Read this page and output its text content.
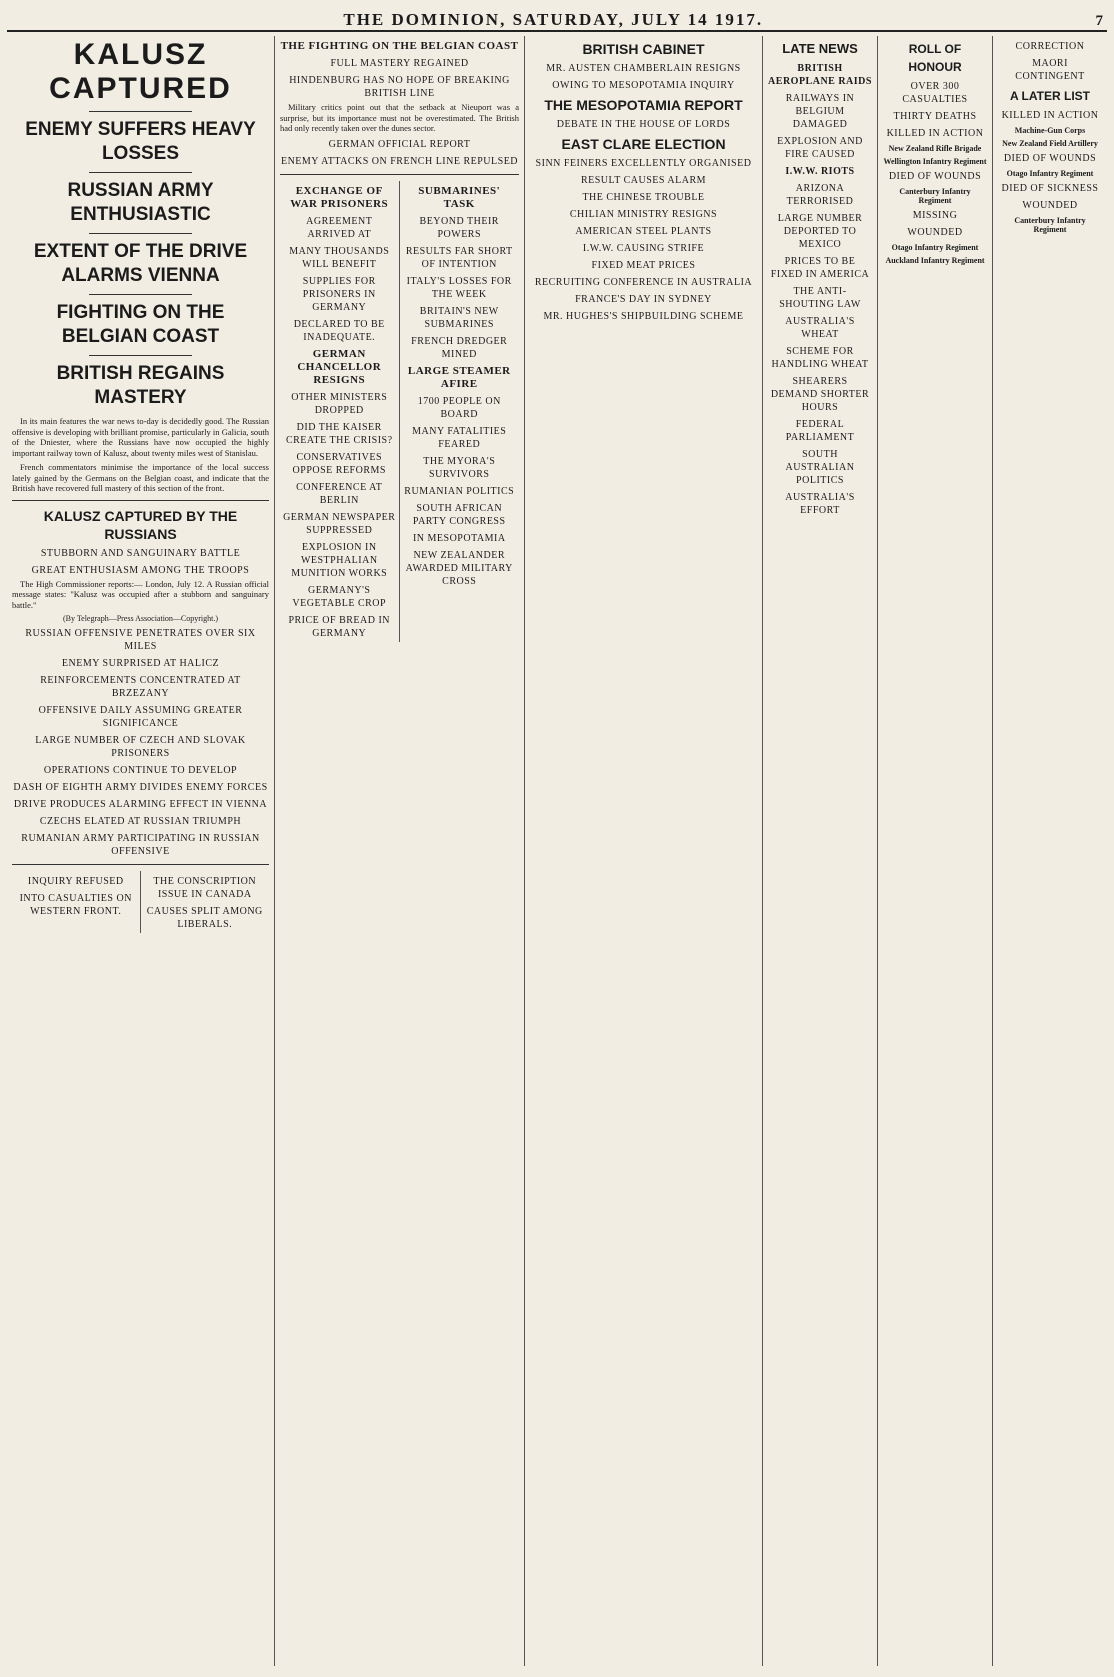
THE DOMINION, SATURDAY, JULY 14 1917.	7
KALUSZ CAPTURED
ENEMY SUFFERS HEAVY LOSSES
RUSSIAN ARMY ENTHUSIASTIC
EXTENT OF THE DRIVE ALARMS VIENNA
FIGHTING ON THE BELGIAN COAST
BRITISH REGAINS MASTERY

In its main features the war news to-day is decidedly good. The Russian offensive is developing with brilliant promise, particularly in Galicia, south of the Dniester, where the Russians have now occupied the highly important railway town of Kalusz, about twenty miles west of Stanislau.

French commentators minimise the importance of the local success lately gained by the Germans on the Belgian coast, and indicate that the British have recovered full mastery of this section of the front.

KALUSZ CAPTURED BY THE RUSSIANS
STUBBORN AND SANGUINARY BATTLE
GREAT ENTHUSIASM AMONG THE TROOPS

The High Commissioner reports:— London, July 12. A Russian official message states: "Kalusz was occupied after a stubborn and sanguinary battle."

(By Telegraph—Press Association—Copyright.)
RUSSIAN OFFENSIVE PENETRATES OVER SIX MILES
ENEMY SURPRISED AT HALICZ
REINFORCEMENTS CONCENTRATED AT BRZEZANY
OFFENSIVE DAILY ASSUMING GREATER SIGNIFICANCE
LARGE NUMBER OF CZECH AND SLOVAK PRISONERS
OPERATIONS CONTINUE TO DEVELOP
DASH OF EIGHTH ARMY DIVIDES ENEMY FORCES
DRIVE PRODUCES ALARMING EFFECT IN VIENNA
CZECHS ELATED AT RUSSIAN TRIUMPH
RUMANIAN ARMY PARTICIPATING IN RUSSIAN OFFENSIVE
INQUIRY REFUSED
INTO CASUALTIES ON WESTERN FRONT.
THE CONSCRIPTION ISSUE IN CANADA
CAUSES SPLIT AMONG LIBERALS.
THE FIGHTING ON THE BELGIAN COAST
FULL MASTERY REGAINED
HINDENBURG HAS NO HOPE OF BREAKING BRITISH LINE

Military critics point out that the setback at Nieuport was a surprise, but its importance must not be overestimated. The British had only recently taken over the dunes sector.

GERMAN OFFICIAL REPORT
ENEMY ATTACKS ON FRENCH LINE REPULSED
EXCHANGE OF WAR PRISONERS
AGREEMENT ARRIVED AT
MANY THOUSANDS WILL BENEFIT
SUPPLIES FOR PRISONERS IN GERMANY
DECLARED TO BE INADEQUATE.
GERMAN CHANCELLOR RESIGNS
OTHER MINISTERS DROPPED
DID THE KAISER CREATE THE CRISIS?
CONSERVATIVES OPPOSE REFORMS
CONFERENCE AT BERLIN
GERMAN NEWSPAPER SUPPRESSED
EXPLOSION IN WESTPHALIAN MUNITION WORKS
GERMANY'S VEGETABLE CROP
PRICE OF BREAD IN GERMANY
SUBMARINES' TASK
BEYOND THEIR POWERS
RESULTS FAR SHORT OF INTENTION
ITALY'S LOSSES FOR THE WEEK
BRITAIN'S NEW SUBMARINES
FRENCH DREDGER MINED
LARGE STEAMER AFIRE
1700 PEOPLE ON BOARD
MANY FATALITIES FEARED
THE MYORA'S SURVIVORS
RUMANIAN POLITICS
SOUTH AFRICAN PARTY CONGRESS
IN MESOPOTAMIA
NEW ZEALANDER AWARDED MILITARY CROSS
BRITISH CABINET
MR. AUSTEN CHAMBERLAIN RESIGNS
OWING TO MESOPOTAMIA INQUIRY
THE MESOPOTAMIA REPORT
DEBATE IN THE HOUSE OF LORDS
EAST CLARE ELECTION
SINN FEINERS EXCELLENTLY ORGANISED
RESULT CAUSES ALARM
THE CHINESE TROUBLE
CHILIAN MINISTRY RESIGNS
AMERICAN STEEL PLANTS
I.W.W. CAUSING STRIFE
FIXED MEAT PRICES
RECRUITING CONFERENCE IN AUSTRALIA
FRANCE'S DAY IN SYDNEY
MR. HUGHES'S SHIPBUILDING SCHEME
LATE NEWS
BRITISH AEROPLANE RAIDS
RAILWAYS IN BELGIUM DAMAGED
EXPLOSION AND FIRE CAUSED
I.W.W. RIOTS
ARIZONA TERRORISED
LARGE NUMBER DEPORTED TO MEXICO
PRICES TO BE FIXED IN AMERICA
THE ANTI-SHOUTING LAW
AUSTRALIA'S WHEAT
SCHEME FOR HANDLING WHEAT
SHEARERS DEMAND SHORTER HOURS
FEDERAL PARLIAMENT
SOUTH AUSTRALIAN POLITICS
AUSTRALIA'S EFFORT
ROLL OF HONOUR
OVER 300 CASUALTIES
THIRTY DEATHS
KILLED IN ACTION
New Zealand Rifle Brigade
Wellington Infantry Regiment
DIED OF WOUNDS
Canterbury Infantry Regiment
MISSING
WOUNDED
Otago Infantry Regiment
Auckland Infantry Regiment
CORRECTION
MAORI CONTINGENT
A LATER LIST
KILLED IN ACTION
Machine-Gun Corps
New Zealand Field Artillery
DIED OF WOUNDS
Otago Infantry Regiment
DIED OF SICKNESS
WOUNDED
Canterbury Infantry Regiment
